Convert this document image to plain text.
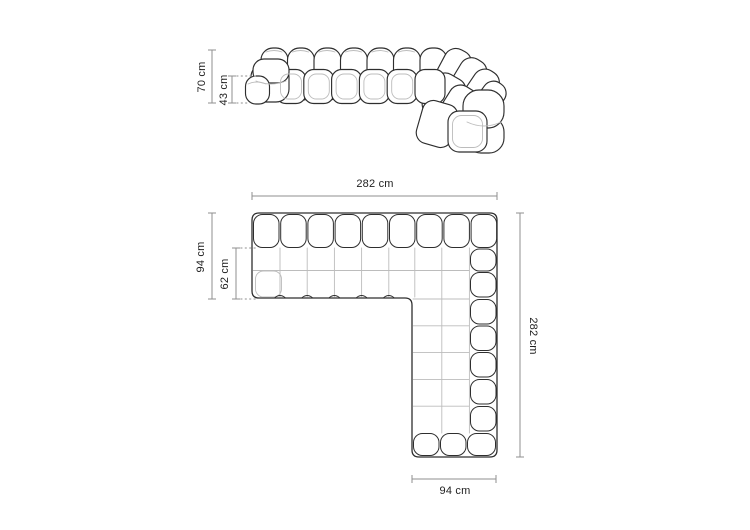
70 cm 43 cm
282 cm
94 cm
62 cm
282 cm
94 cm
